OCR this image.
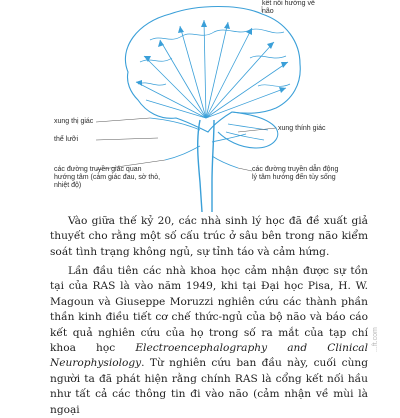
kết nối hướng về não
xung thị giác
thể lưỡi
xung thính giác
các đường truyền giác quan hướng tâm (cảm giác đau, sờ thỏ, nhiệt độ)
các đường truyền dẫn động lý tâm hướng đến tủy sống

Vào giữa thế kỷ 20, các nhà sinh lý học đã đề xuất giả thuyết cho rằng một số cấu trúc ở sâu bên trong não kiểm soát tình trạng không ngủ, sự tỉnh táo và cảm hứng.

Lần đầu tiên các nhà khoa học cảm nhận được sự tồn tại của RAS là vào năm 1949, khi tại Đại học Pisa, H. W. Magoun và Giuseppe Moruzzi nghiên cứu các thành phần thần kinh điều tiết cơ chế thức-ngủ của bộ não và báo cáo kết quả nghiên cứu của họ trong số ra mắt của tạp chí khoa học Electroencephalography and Clinical Neurophysiology. Từ nghiên cứu ban đầu này, cuối cùng người ta đã phát hiện rằng chính RAS là cổng kết nối hầu như tất cả các thông tin đi vào não (cảm nhận về mùi là ngoại

...ft.com
